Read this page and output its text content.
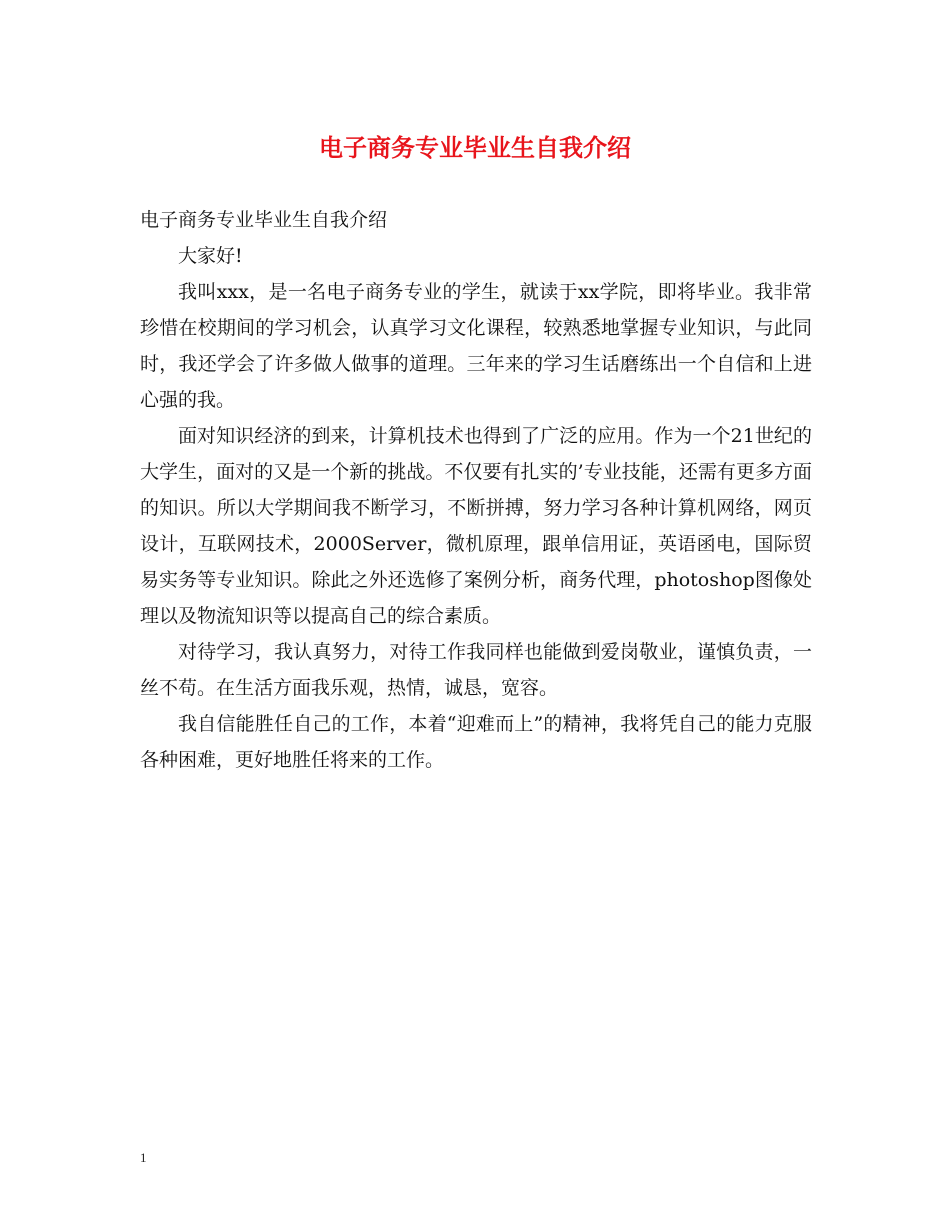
电子商务专业毕业生自我介绍

电子商务专业毕业生自我介绍

大家好!

我叫xxx，是一名电子商务专业的学生，就读于xx学院，即将毕业。我非常珍惜在校期间的学习机会，认真学习文化课程，较熟悉地掌握专业知识，与此同时，我还学会了许多做人做事的道理。三年来的学习生话磨练出一个自信和上进心强的我。

面对知识经济的到来，计算机技术也得到了广泛的应用。作为一个21世纪的大学生，面对的又是一个新的挑战。不仅要有扎实的’专业技能，还需有更多方面的知识。所以大学期间我不断学习，不断拼搏，努力学习各种计算机网络，网页设计，互联网技术，2000Server，微机原理，跟单信用证，英语函电，国际贸易实务等专业知识。除此之外还选修了案例分析，商务代理，photoshop图像处理以及物流知识等以提高自己的综合素质。

对待学习，我认真努力，对待工作我同样也能做到爱岗敬业，谨慎负责，一丝不苟。在生活方面我乐观，热情，诚恳，宽容。

我自信能胜任自己的工作，本着“迎难而上”的精神，我将凭自己的能力克服各种困难，更好地胜任将来的工作。

1
